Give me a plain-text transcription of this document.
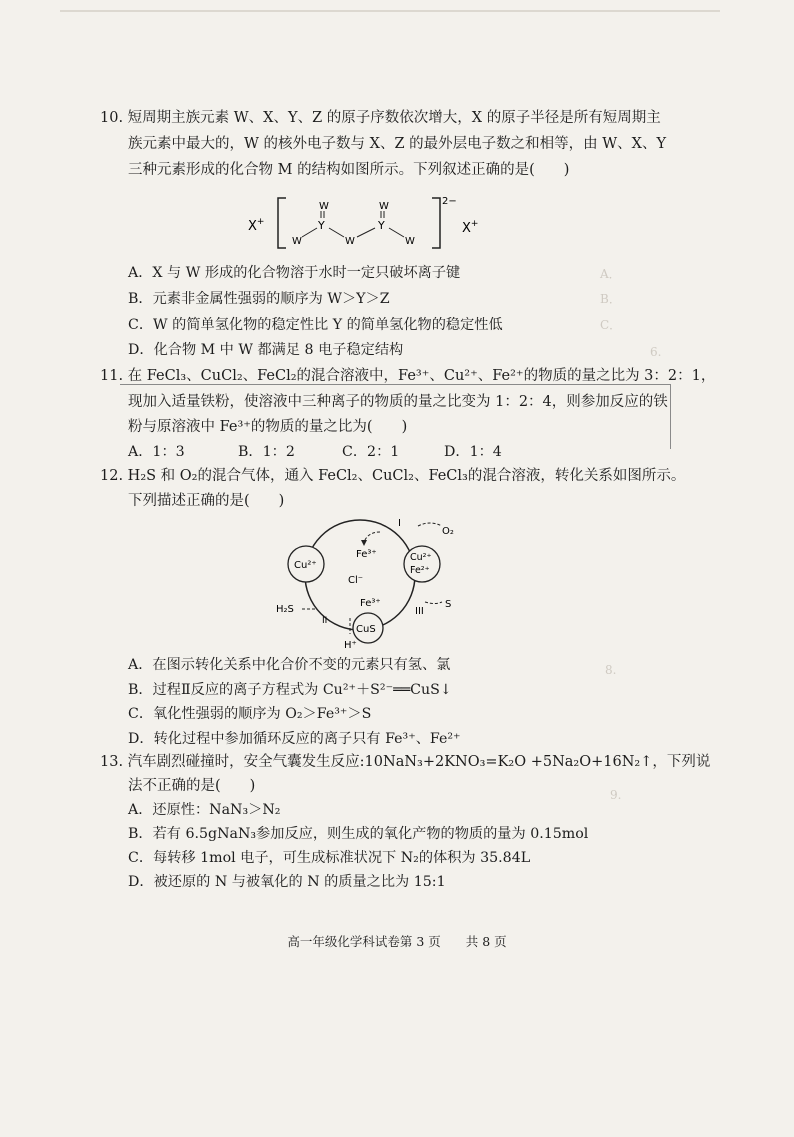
A．
B．
C．
6.
8.
9.
10. 短周期主族元素 W、X、Y、Z 的原子序数依次增大，X 的原子半径是所有短周期主
族元素中最大的，W 的核外电子数与 X、Z 的最外层电子数之和相等，由 W、X、Y
三种元素形成的化合物 M 的结构如图所示。下列叙述正确的是(　　)
X+
W
Y
W	W
W
Y
W
2−
X+
A．X 与 W 形成的化合物溶于水时一定只破坏离子键
B．元素非金属性强弱的顺序为 W＞Y＞Z
C．W 的简单氢化物的稳定性比 Y 的简单氢化物的稳定性低
D．化合物 M 中 W 都满足 8 电子稳定结构
11. 在 FeCl₃、CuCl₂、FeCl₂的混合溶液中，Fe³⁺、Cu²⁺、Fe²⁺的物质的量之比为 3：2：1，
现加入适量铁粉，使溶液中三种离子的物质的量之比变为 1：2：4，则参加反应的铁
粉与原溶液中 Fe³⁺的物质的量之比为(　　)
A．1：3	B．1：2	C．2：1	D．1：4
12. H₂S 和 O₂的混合气体，通入 FeCl₂、CuCl₂、FeCl₃的混合溶液，转化关系如图所示。
下列描述正确的是(　　)
Cu²⁺
Cu²⁺
Fe²⁺
CuS
Fe³⁺
I
O₂
Cl⁻
Fe³⁺
III
S
H₂S
II
H⁺
A．在图示转化关系中化合价不变的元素只有氢、氯
B．过程Ⅱ反应的离子方程式为 Cu²⁺＋S²⁻══CuS↓
C．氧化性强弱的顺序为 O₂＞Fe³⁺＞S
D．转化过程中参加循环反应的离子只有 Fe³⁺、Fe²⁺
13. 汽车剧烈碰撞时，安全气囊发生反应:10NaN₃+2KNO₃=K₂O +5Na₂O+16N₂↑，下列说
法不正确的是(　　)
A．还原性：NaN₃＞N₂
B．若有 6.5gNaN₃参加反应，则生成的氧化产物的物质的量为 0.15mol
C．每转移 1mol 电子，可生成标准状况下 N₂的体积为 35.84L
D．被还原的 N 与被氧化的 N 的质量之比为 15:1
高一年级化学科试卷第 3 页　　共 8 页
